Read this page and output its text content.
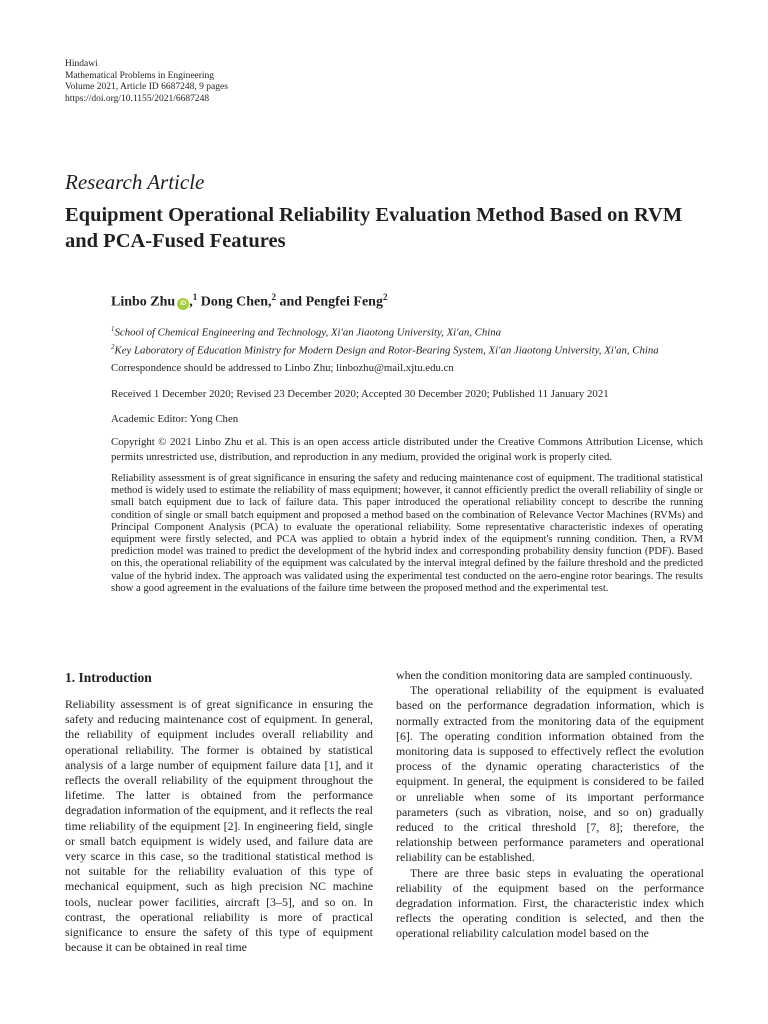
Hindawi
Mathematical Problems in Engineering
Volume 2021, Article ID 6687248, 9 pages
https://doi.org/10.1155/2021/6687248
Research Article
Equipment Operational Reliability Evaluation Method Based on RVM and PCA-Fused Features
Linbo Zhu iD ,$^1$ Dong Chen,$^2$ and Pengfei Feng$^2$
$^1$School of Chemical Engineering and Technology, Xi'an Jiaotong University, Xi'an, China
$^2$Key Laboratory of Education Ministry for Modern Design and Rotor-Bearing System, Xi'an Jiaotong University, Xi'an, China
Correspondence should be addressed to Linbo Zhu; linbozhu@mail.xjtu.edu.cn
Received 1 December 2020; Revised 23 December 2020; Accepted 30 December 2020; Published 11 January 2021
Academic Editor: Yong Chen
Copyright © 2021 Linbo Zhu et al. This is an open access article distributed under the Creative Commons Attribution License, which permits unrestricted use, distribution, and reproduction in any medium, provided the original work is properly cited.
Reliability assessment is of great significance in ensuring the safety and reducing maintenance cost of equipment. The traditional statistical method is widely used to estimate the reliability of mass equipment; however, it cannot efficiently predict the overall reliability of single or small batch equipment due to lack of failure data. This paper introduced the operational reliability concept to describe the running condition of single or small batch equipment and proposed a method based on the combination of Relevance Vector Machines (RVMs) and Principal Component Analysis (PCA) to evaluate the operational reliability. Some representative characteristic indexes of operating equipment were firstly selected, and PCA was applied to obtain a hybrid index of the equipment's running condition. Then, a RVM prediction model was trained to predict the development of the hybrid index and corresponding probability density function (PDF). Based on this, the operational reliability of the equipment was calculated by the interval integral defined by the failure threshold and the predicted value of the hybrid index. The approach was validated using the experimental test conducted on the aero-engine rotor bearings. The results show a good agreement in the evaluations of the failure time between the proposed method and the experimental test.
1. Introduction

Reliability assessment is of great significance in ensuring the safety and reducing maintenance cost of equipment. In general, the reliability of equipment includes overall reliability and operational reliability. The former is obtained by statistical analysis of a large number of equipment failure data [1], and it reflects the overall reliability of the equipment throughout the lifetime. The latter is obtained from the performance degradation information of the equipment, and it reflects the real time reliability of the equipment [2]. In engineering field, single or small batch equipment is widely used, and failure data are very scarce in this case, so the traditional statistical method is not suitable for the reliability evaluation of this type of mechanical equipment, such as high precision NC machine tools, nuclear power facilities, aircraft [3–5], and so on. In contrast, the operational reliability is more of practical significance to ensure the safety of this type of equipment because it can be obtained in real time

when the condition monitoring data are sampled continuously.

The operational reliability of the equipment is evaluated based on the performance degradation information, which is normally extracted from the monitoring data of the equipment [6]. The operating condition information obtained from the monitoring data is supposed to effectively reflect the evolution process of the dynamic operating characteristics of the equipment. In general, the equipment is considered to be failed or unreliable when some of its important performance parameters (such as vibration, noise, and so on) gradually reduced to the critical threshold [7, 8]; therefore, the relationship between performance parameters and operational reliability can be established.

There are three basic steps in evaluating the operational reliability of the equipment based on the performance degradation information. First, the characteristic index which reflects the operating condition is selected, and then the operational reliability calculation model based on the
